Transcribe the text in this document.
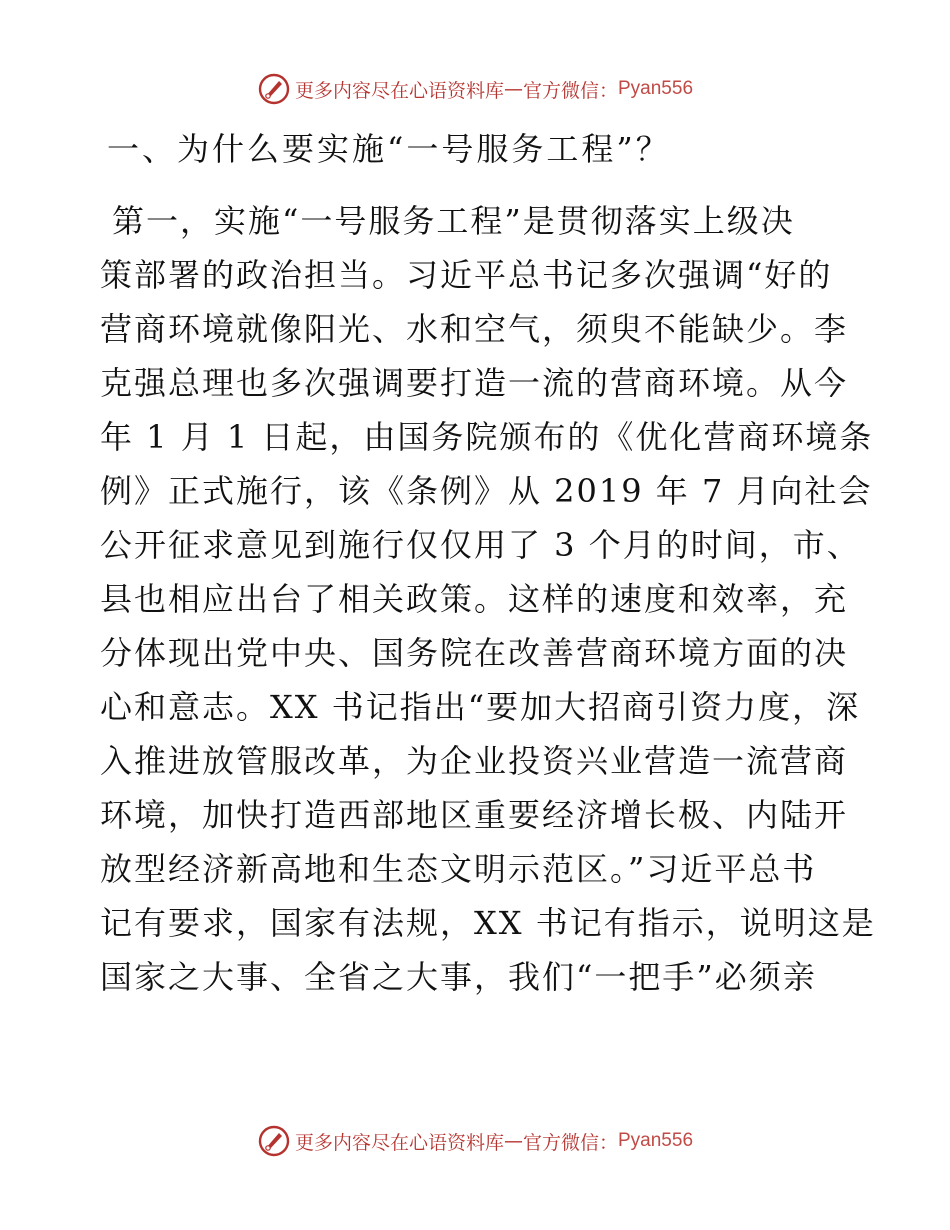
更多内容尽在心语资料库 — 官方微信： Pyan556
一、为什么要实施“一号服务工程”？
第一，实施“一号服务工程”是贯彻落实上级决
策部署的政治担当。习近平总书记多次强调“好的
营商环境就像阳光、水和空气，须臾不能缺少。李
克强总理也多次强调要打造一流的营商环境。从今
年 1 月 1 日起，由国务院颁布的《优化营商环境条
例》正式施行，该《条例》从 2019 年 7 月向社会
公开征求意见到施行仅仅用了 3 个月的时间，市、
县也相应出台了相关政策。这样的速度和效率，充
分体现出党中央、国务院在改善营商环境方面的决
心和意志。XX 书记指出“要加大招商引资力度，深
入推进放管服改革，为企业投资兴业营造一流营商
环境，加快打造西部地区重要经济增长极、内陆开
放型经济新高地和生态文明示范区。”习近平总书
记有要求，国家有法规，XX 书记有指示，说明这是
国家之大事、全省之大事，我们“一把手”必须亲
更多内容尽在心语资料库 — 官方微信： Pyan556
